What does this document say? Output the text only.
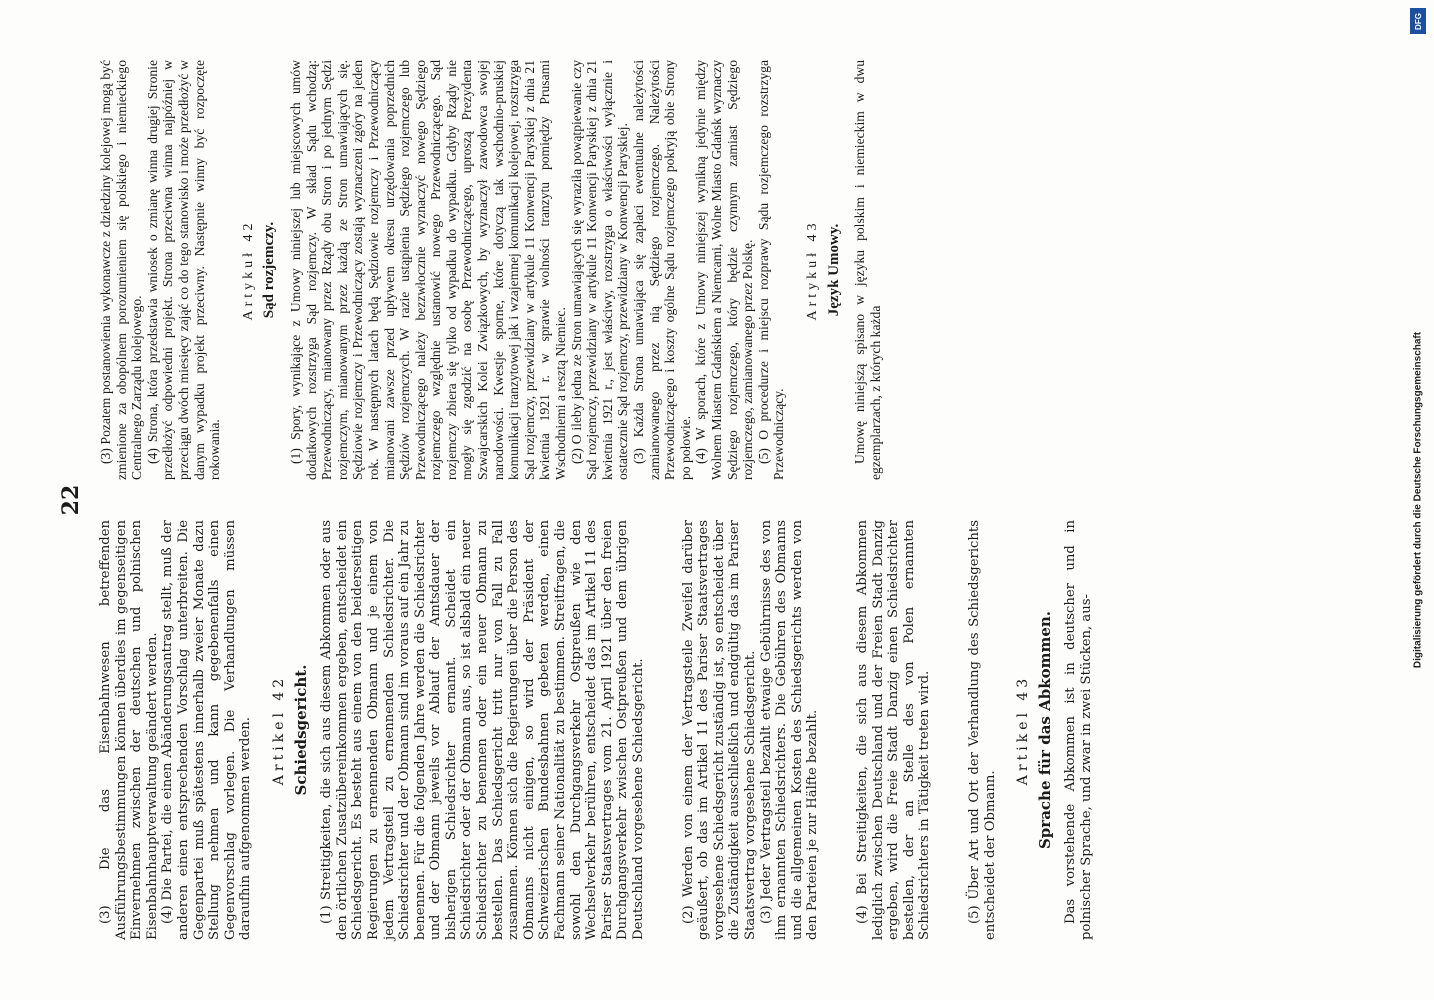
22

(3) Die das Eisenbahnwesen betreffenden Ausführungsbestimmungen können überdies im gegenseitigen Einvernehmen zwischen der deutschen und polnischen Eisenbahnhauptverwaltung geändert werden. (4) Die Partei, die einen Abänderungsantrag stellt, muß der anderen einen entsprechenden Vorschlag unterbreiten. Die Gegenpartei muß spätestens innerhalb zweier Monate dazu Stellung nehmen und kann gegebenenfalls einen Gegenvorschlag vorlegen. Die Verhandlungen müssen daraufhin aufgenommen werden. Artikel 42 Schiedsgericht. (1) Streitigkeiten, die sich aus diesem Abkommen oder aus den örtlichen Zusatzübereinkommen ergeben, entscheidet ein Schiedsgericht. Es besteht aus einem von den beiderseitigen Regierungen zu ernennenden Obmann und je einem von jedem Vertragsteil zu ernennenden Schiedsrichter. Die Schiedsrichter und der Obmann sind im voraus auf ein Jahr zu benennen. Für die folgenden Jahre werden die Schiedsrichter und der Obmann jeweils vor Ablauf der Amtsdauer der bisherigen Schiedsrichter ernannt. Scheidet ein Schiedsrichter oder der Obmann aus, so ist alsbald ein neuer Schiedsrichter zu benennen oder ein neuer Obmann zu bestellen. Das Schiedsgericht tritt nur von Fall zu Fall zusammen. Können sich die Regierungen über die Person des Obmanns nicht einigen, so wird der Präsident der Schweizerischen Bundesbahnen gebeten werden, einen Fachmann seiner Nationalität zu bestimmen. Streitfragen, die sowohl den Durchgangsverkehr Ostpreußen wie den Wechselverkehr berühren, entscheidet das im Artikel 11 des Pariser Staatsvertrages vom 21. April 1921 über den freien Durchgangsverkehr zwischen Ostpreußen und dem übrigen Deutschland vorgesehene Schiedsgericht.	(2) Werden von einem der Vertragsteile Zweifel darüber geäußert, ob das im Artikel 11 des Pariser Staatsvertrages vorgesehene Schiedsgericht zuständig ist, so entscheidet über die Zuständigkeit ausschließlich und endgültig das im Pariser Staatsvertrag vorgesehene Schiedsgericht. (3) Jeder Vertragsteil bezahlt etwaige Gebührnisse des von ihm ernannten Schiedsrichters. Die Gebühren des Obmanns und die allgemeinen Kosten des Schiedsgerichts werden von den Parteien je zur Hälfte bezahlt.	(4) Bei Streitigkeiten, die sich aus diesem Abkommen lediglich zwischen Deutschland und der Freien Stadt Danzig ergeben, wird die Freie Stadt Danzig einen Schiedsrichter bestellen, der an Stelle des von Polen ernannten Schiedsrichters in Tätigkeit treten wird.	(5) Über Art und Ort der Verhandlung des Schiedsgerichts entscheidet der Obmann.

Artikel 43 Sprache für das Abkommen. Das vorstehende Abkommen ist in deutscher und in polnischer Sprache, und zwar in zwei Stücken, aus-

(3) Pozatem postanowienia wykonawcze z dziedziny kolejowej mogą być zmienione za obopólnem porozumieniem się polskiego i niemieckiego Centralnego Zarządu kolejowego. (4) Strona, która przedstawia wniosek o zmianę winna drugiej Stronie przedłożyć odpowiedni projekt. Strona przeciwna winna najpóźniej w przeciągu dwóch miesięcy zająć co do tego stanowisko i może przedłożyć w danym wypadku projekt przeciwny. Następnie winny być rozpoczęte rokowania.

Artykuł 42 Sąd rozjemczy. (1) Spory, wynikające z Umowy niniejszej lub miejscowych umów dodatkowych rozstrzyga Sąd rozjemczy. W skład Sądu wchodzą: Przewodniczący, mianowany przez Rządy obu Stron i po jednym Sędzi rozjemczym, mianowanym przez każdą ze Stron umawiających się. Sędziowie rozjemczy i Przewodniczący zostają wyznaczeni zgóry na jeden rok. W następnych latach będą Sędziowie rozjemczy i Przewodniczący mianowani zawsze przed upływem okresu urzędowania poprzednich Sędziów rozjemczych. W razie ustąpienia Sędziego rozjemczego lub Przewodniczącego należy bezzwłocznie wyznaczyć nowego Sędziego rozjemczego względnie ustanowić nowego Przewodniczącego. Sąd rozjemczy zbiera się tylko od wypadku do wypadku. Gdyby Rządy nie mogły się zgodzić na osobę Przewodniczącego, uproszą Prezydenta Szwajcarskich Kolei Związkowych, by wyznaczył zawodowca swojej narodowości. Kwestje sporne, które dotyczą tak wschodnio-pruskiej komunikacji tranzytowej jak i wzajemnej komunikacji kolejowej, rozstrzyga Sąd rozjemczy, przewidziany w artykule 11 Konwencji Paryskiej z dnia 21 kwietnia 1921 r. w sprawie wolności tranzytu pomiędzy Prusami Wschodniemi a resztą Niemiec. (2) O ileby jedna ze Stron umawiających się wyraziła powątpiewanie czy Sąd rozjemczy, przewidziany w artykule 11 Konwencji Paryskiej z dnia 21 kwietnia 1921 r., jest właściwy, rozstrzyga o właściwości wyłącznie i ostatecznie Sąd rozjemczy, przewidziany w Konwencji Paryskiej. (3) Każda Strona umawiająca się zapłaci ewentualne należytości zamianowanego przez nią Sędziego rozjemczego. Należytości Przewodniczącego i koszty ogólne Sądu rozjemczego pokryją obie Strony po połowie. (4) W sporach, które z Umowy niniejszej wynikną jedynie między Wolnem Miastem Gdańskiem a Niemcami, Wolne Miasto Gdańsk wyznaczy Sędziego rozjemczego, który będzie czynnym zamiast Sędziego rozjemczego, zamianowanego przez Polskę. (5) O procedurze i miejscu rozprawy Sądu rozjemczego rozstrzyga Przewodniczący.

Artykuł 43 Język Umowy. Umowę niniejszą spisano w języku polskim i niemieckim w dwu egzemplarzach, z których każda

DFG
Digitalisierung gefördert durch die Deutsche Forschungsgemeinschaft
